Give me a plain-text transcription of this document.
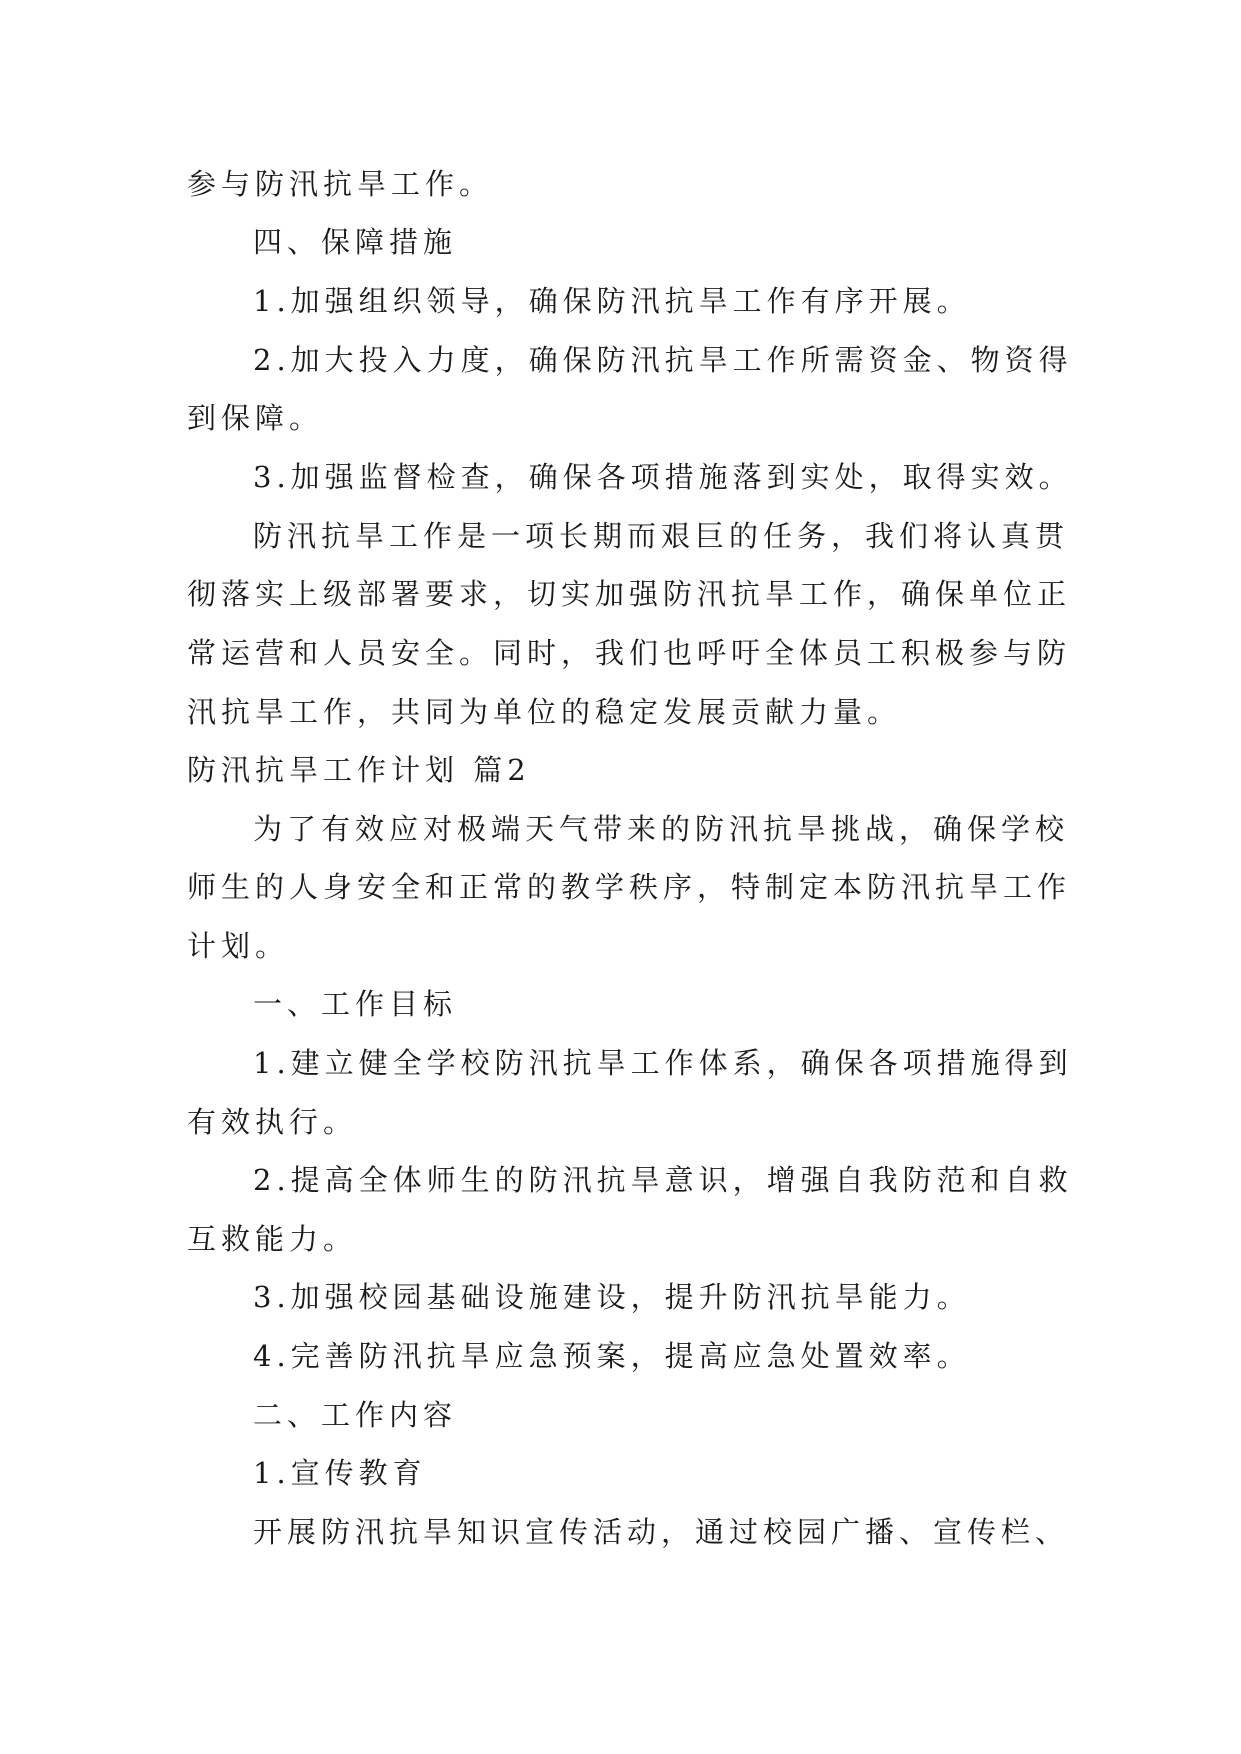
参与防汛抗旱工作。

四、保障措施

1.加强组织领导，确保防汛抗旱工作有序开展。

2.加大投入力度，确保防汛抗旱工作所需资金、物资得

到保障。

3.加强监督检查，确保各项措施落到实处，取得实效。

防汛抗旱工作是一项长期而艰巨的任务，我们将认真贯

彻落实上级部署要求，切实加强防汛抗旱工作，确保单位正

常运营和人员安全。同时，我们也呼吁全体员工积极参与防

汛抗旱工作，共同为单位的稳定发展贡献力量。

防汛抗旱工作计划 篇2

为了有效应对极端天气带来的防汛抗旱挑战，确保学校

师生的人身安全和正常的教学秩序，特制定本防汛抗旱工作

计划。

一、工作目标

1.建立健全学校防汛抗旱工作体系，确保各项措施得到

有效执行。

2.提高全体师生的防汛抗旱意识，增强自我防范和自救

互救能力。

3.加强校园基础设施建设，提升防汛抗旱能力。

4.完善防汛抗旱应急预案，提高应急处置效率。

二、工作内容

1.宣传教育

开展防汛抗旱知识宣传活动，通过校园广播、宣传栏、
